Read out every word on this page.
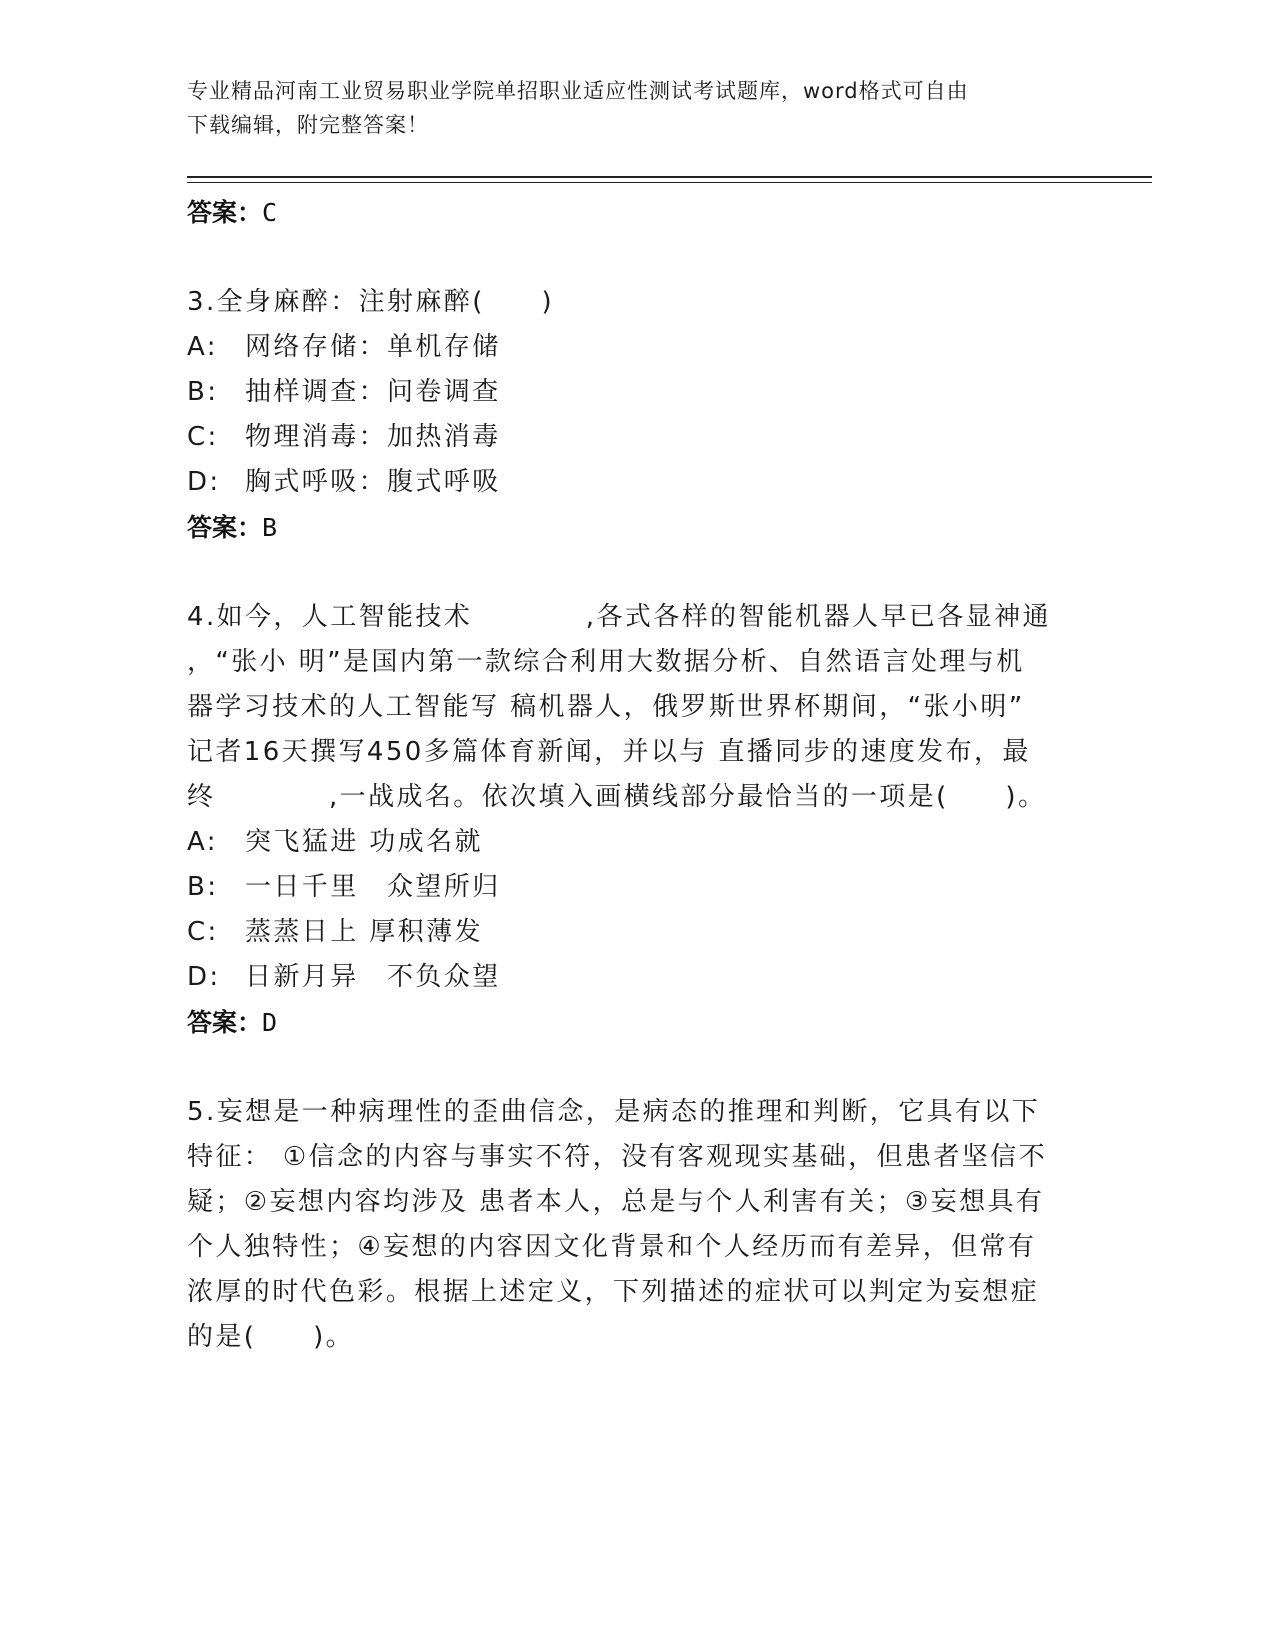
专业精品河南工业贸易职业学院单招职业适应性测试考试题库，word格式可自由
下载编辑，附完整答案！

答案：C

3.全身麻醉：注射麻醉(　　)

A:	网络存储：单机存储

B:	抽样调查：问卷调查

C:	物理消毒：加热消毒

D: 胸式呼吸：腹式呼吸

答案：B

4.如今，人工智能技术　　　　,各式各样的智能机器人早已各显神通

，“张小 明”是国内第一款综合利用大数据分析、自然语言处理与机

器学习技术的人工智能写 稿机器人，俄罗斯世界杯期间，“张小明”

记者16天撰写450多篇体育新闻，并以与 直播同步的速度发布，最

终　　　　,一战成名。依次填入画横线部分最恰当的一项是(　　)。

A:	突飞猛进 功成名就

B:	一日千里　众望所归

C:	蒸蒸日上 厚积薄发

D: 日新月异　不负众望

答案：D

5.妄想是一种病理性的歪曲信念，是病态的推理和判断，它具有以下

特征： ①信念的内容与事实不符，没有客观现实基础，但患者坚信不

疑；②妄想内容均涉及 患者本人，总是与个人利害有关；③妄想具有

个人独特性；④妄想的内容因文化背景和个人经历而有差异，但常有

浓厚的时代色彩。根据上述定义，下列描述的症状可以判定为妄想症

的是(　　)。
